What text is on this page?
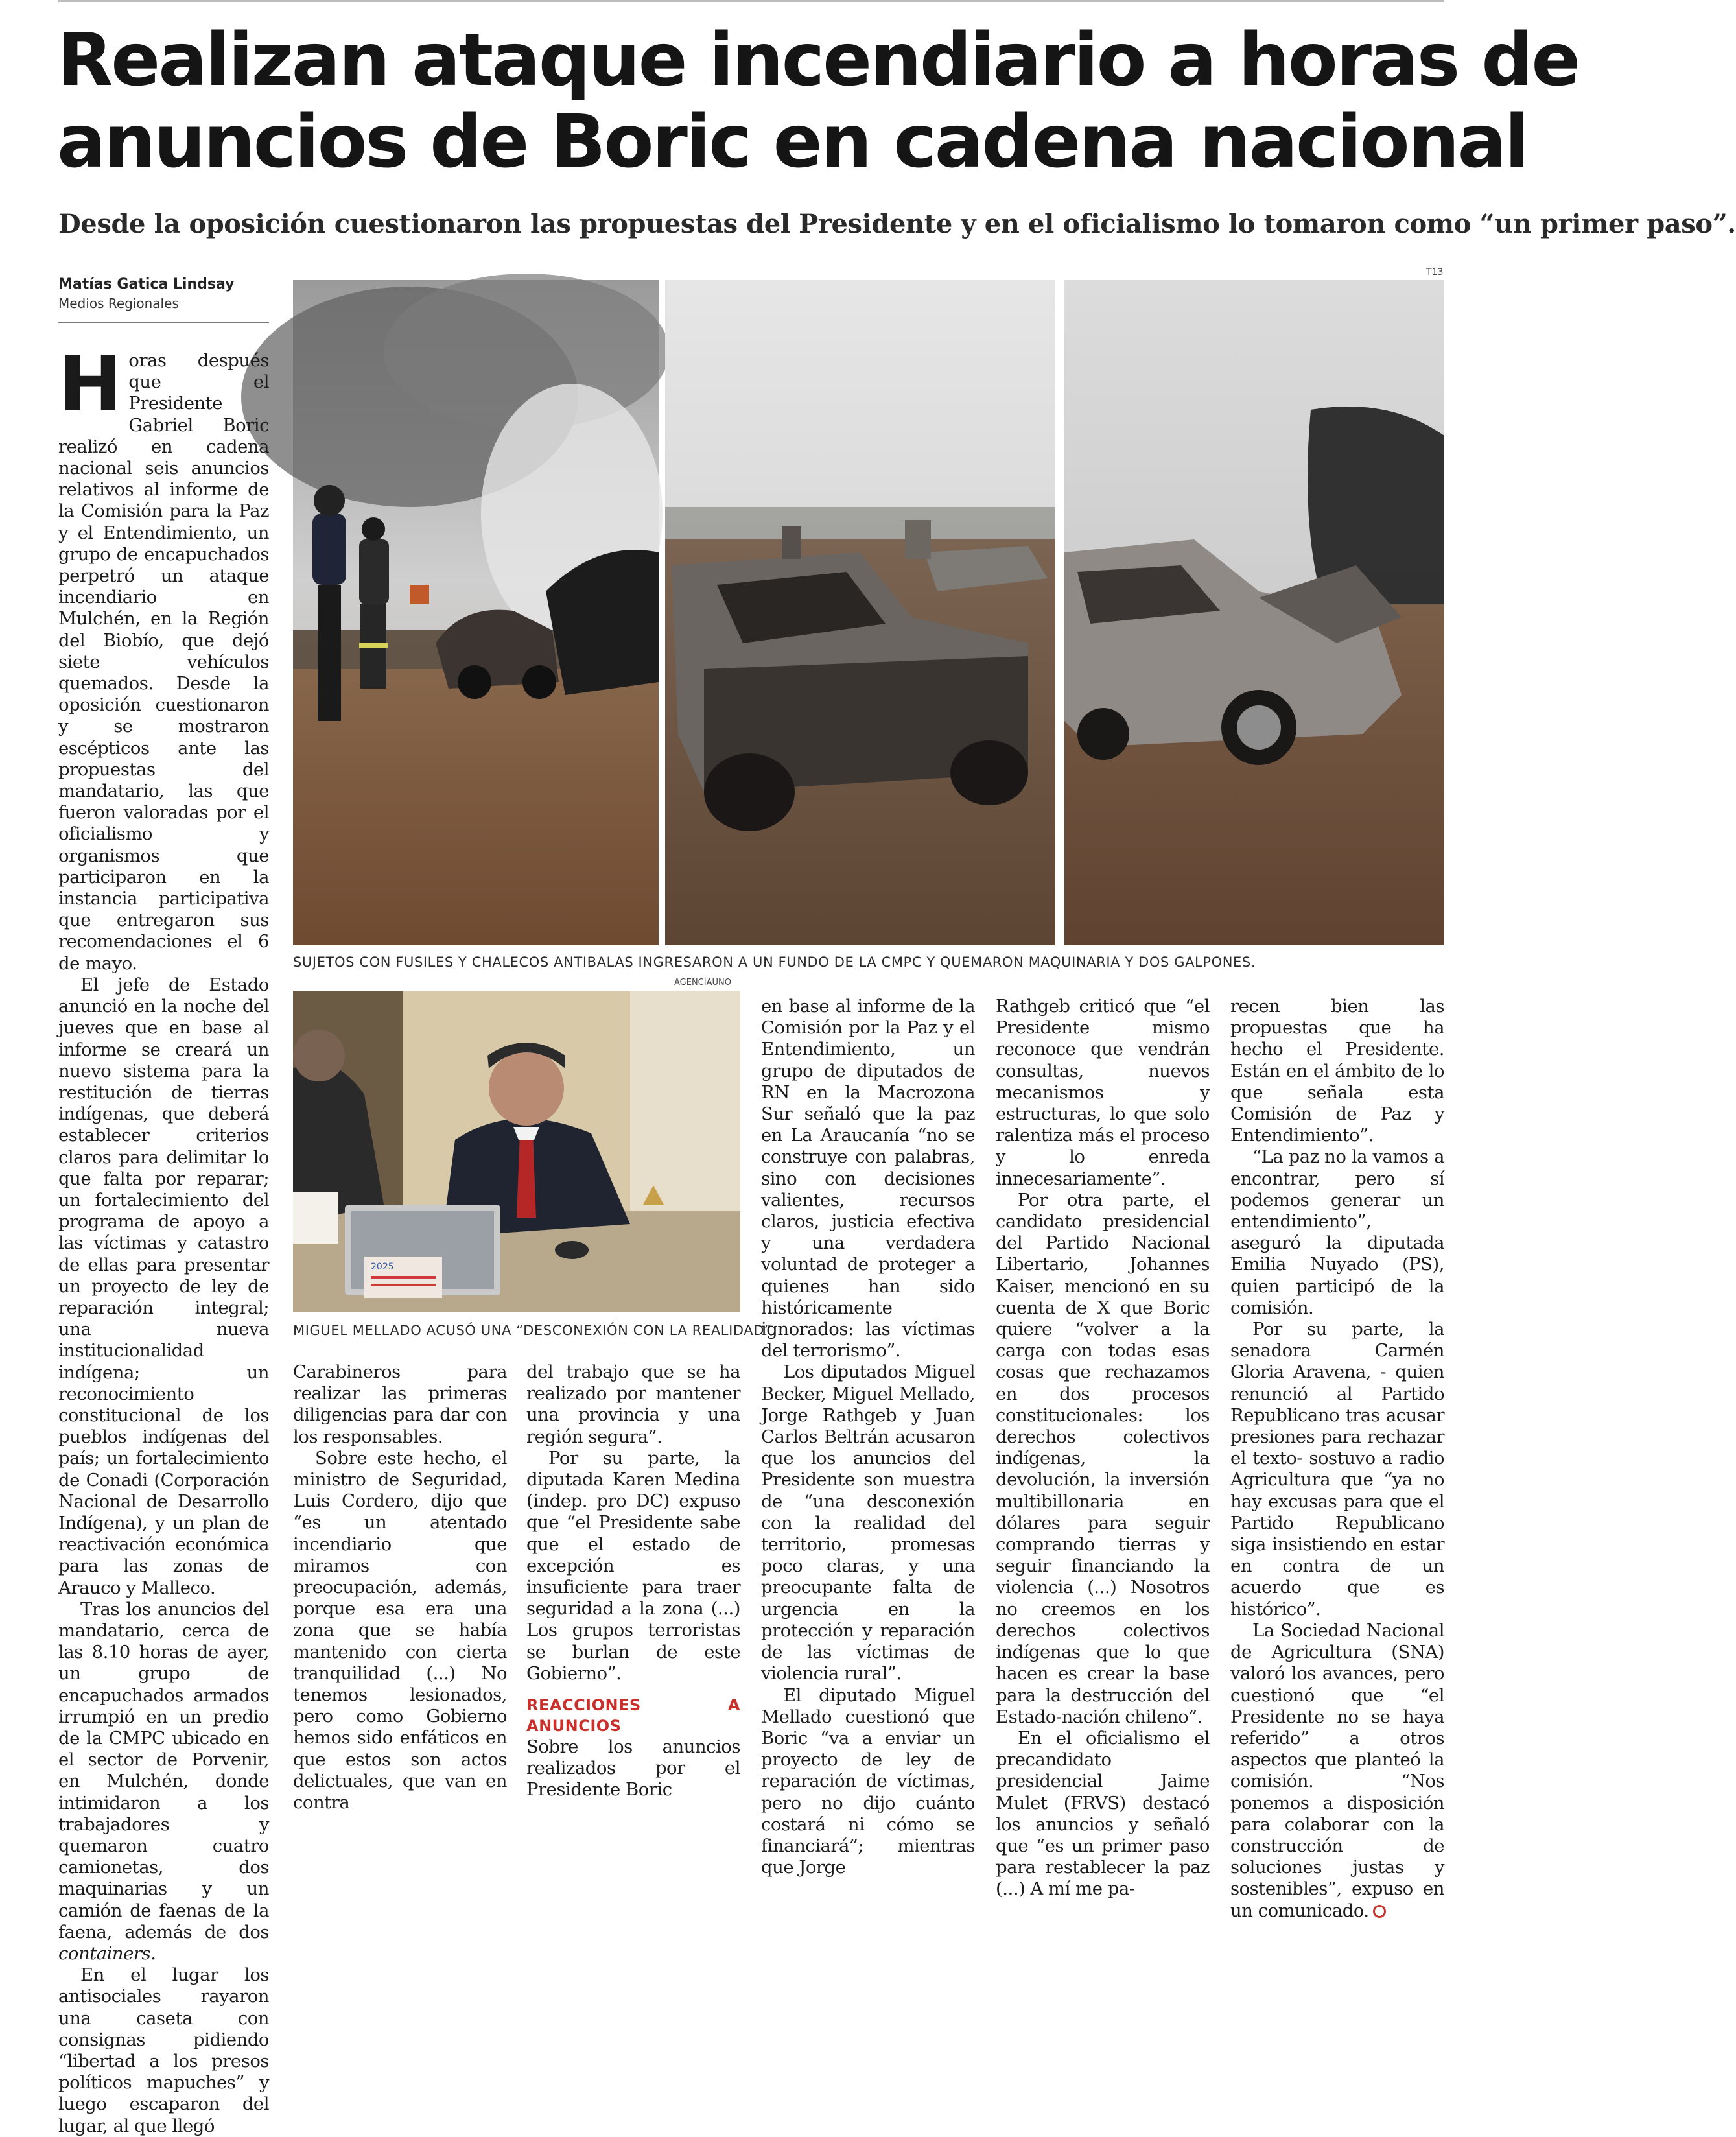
Realizan ataque incendiario a horas de
anuncios de Boric en cadena nacional
Desde la oposición cuestionaron las propuestas del Presidente y en el oficialismo lo tomaron como “un primer paso”.
Matías Gatica Lindsay
Medios Regionales
T13
SUJETOS CON FUSILES Y CHALECOS ANTIBALAS INGRESARON A UN FUNDO DE LA CMPC Y QUEMARON MAQUINARIA Y DOS GALPONES.
AGENCIAUNO
2025
MIGUEL MELLADO ACUSÓ UNA “DESCONEXIÓN CON LA REALIDAD”.

Horas después que el Presidente Gabriel Boric realizó en cadena nacional seis anuncios relativos al informe de la Comisión para la Paz y el Entendimiento, un grupo de encapuchados perpetró un ataque incendiario en Mulchén, en la Región del Biobío, que dejó siete vehículos quemados. Desde la oposición cuestionaron y se mostraron escépticos ante las propuestas del mandatario, las que fueron valoradas por el oficialismo y organismos que participaron en la instancia participativa que entregaron sus recomendaciones el 6 de mayo.

El jefe de Estado anunció en la noche del jueves que en base al informe se creará un nuevo sistema para la restitución de tierras indígenas, que deberá establecer criterios claros para delimitar lo que falta por reparar; un fortalecimiento del programa de apoyo a las víctimas y catastro de ellas para presentar un proyecto de ley de reparación integral; una nueva institucionalidad indígena; un reconocimiento constitucional de los pueblos indígenas del país; un fortalecimiento de Conadi (Corporación Nacional de Desarrollo Indígena), y un plan de reactivación económica para las zonas de Arauco y Malleco.

Tras los anuncios del mandatario, cerca de las 8.10 horas de ayer, un grupo de encapuchados armados irrumpió en un predio de la CMPC ubicado en el sector de Porvenir, en Mulchén, donde intimidaron a los trabajadores y quemaron cuatro camionetas, dos maquinarias y un camión de faenas de la faena, además de dos containers.

En el lugar los antisociales rayaron una caseta con consignas pidiendo “libertad a los presos políticos mapuches” y luego escaparon del lugar, al que llegó

Carabineros para realizar las primeras diligencias para dar con los responsables.

Sobre este hecho, el ministro de Seguridad, Luis Cordero, dijo que “es un atentado incendiario que miramos con preocupación, además, porque esa era una zona que se había mantenido con cierta tranquilidad (...) No tenemos lesionados, pero como Gobierno hemos sido enfáticos en que estos son actos delictuales, que van en contra

del trabajo que se ha realizado por mantener una provincia y una región segura”.

Por su parte, la diputada Karen Medina (indep. pro DC) expuso que “el Presidente sabe que el estado de excepción es insuficiente para traer seguridad a la zona (...) Los grupos terroristas se burlan de este Gobierno”.

REACCIONES A ANUNCIOS

Sobre los anuncios realizados por el Presidente Boric

en base al informe de la Comisión por la Paz y el Entendimiento, un grupo de diputados de RN en la Macrozona Sur señaló que la paz en La Araucanía “no se construye con palabras, sino con decisiones valientes, recursos claros, justicia efectiva y una verdadera voluntad de proteger a quienes han sido históricamente ignorados: las víctimas del terrorismo”.

Los diputados Miguel Becker, Miguel Mellado, Jorge Rathgeb y Juan Carlos Beltrán acusaron que los anuncios del Presidente son muestra de “una desconexión con la realidad del territorio, promesas poco claras, y una preocupante falta de urgencia en la protección y reparación de las víctimas de violencia rural”.

El diputado Miguel Mellado cuestionó que Boric “va a enviar un proyecto de ley de reparación de víctimas, pero no dijo cuánto costará ni cómo se financiará”; mientras que Jorge

Rathgeb criticó que “el Presidente mismo reconoce que vendrán consultas, nuevos mecanismos y estructuras, lo que solo ralentiza más el proceso y lo enreda innecesariamente”.

Por otra parte, el candidato presidencial del Partido Nacional Libertario, Johannes Kaiser, mencionó en su cuenta de X que Boric quiere “volver a la carga con todas esas cosas que rechazamos en dos procesos constitucionales: los derechos colectivos indígenas, la devolución, la inversión multibillonaria en dólares para seguir comprando tierras y seguir financiando la violencia (...) Nosotros no creemos en los derechos colectivos indígenas que lo que hacen es crear la base para la destrucción del Estado-nación chileno”.

En el oficialismo el precandidato presidencial Jaime Mulet (FRVS) destacó los anuncios y señaló que “es un primer paso para restablecer la paz (...) A mí me pa-

recen bien las propuestas que ha hecho el Presidente. Están en el ámbito de lo que señala esta Comisión de Paz y Entendimiento”.

“La paz no la vamos a encontrar, pero sí podemos generar un entendimiento”, aseguró la diputada Emilia Nuyado (PS), quien participó de la comisión.

Por su parte, la senadora Carmén Gloria Aravena, - quien renunció al Partido Republicano tras acusar presiones para rechazar el texto- sostuvo a radio Agricultura que “ya no hay excusas para que el Partido Republicano siga insistiendo en estar en contra de un acuerdo que es histórico”.

La Sociedad Nacional de Agricultura (SNA) valoró los avances, pero cuestionó que “el Presidente no se haya referido” a otros aspectos que planteó la comisión. “Nos ponemos a disposición para colaborar con la construcción de soluciones justas y sostenibles”, expuso en un comunicado.
